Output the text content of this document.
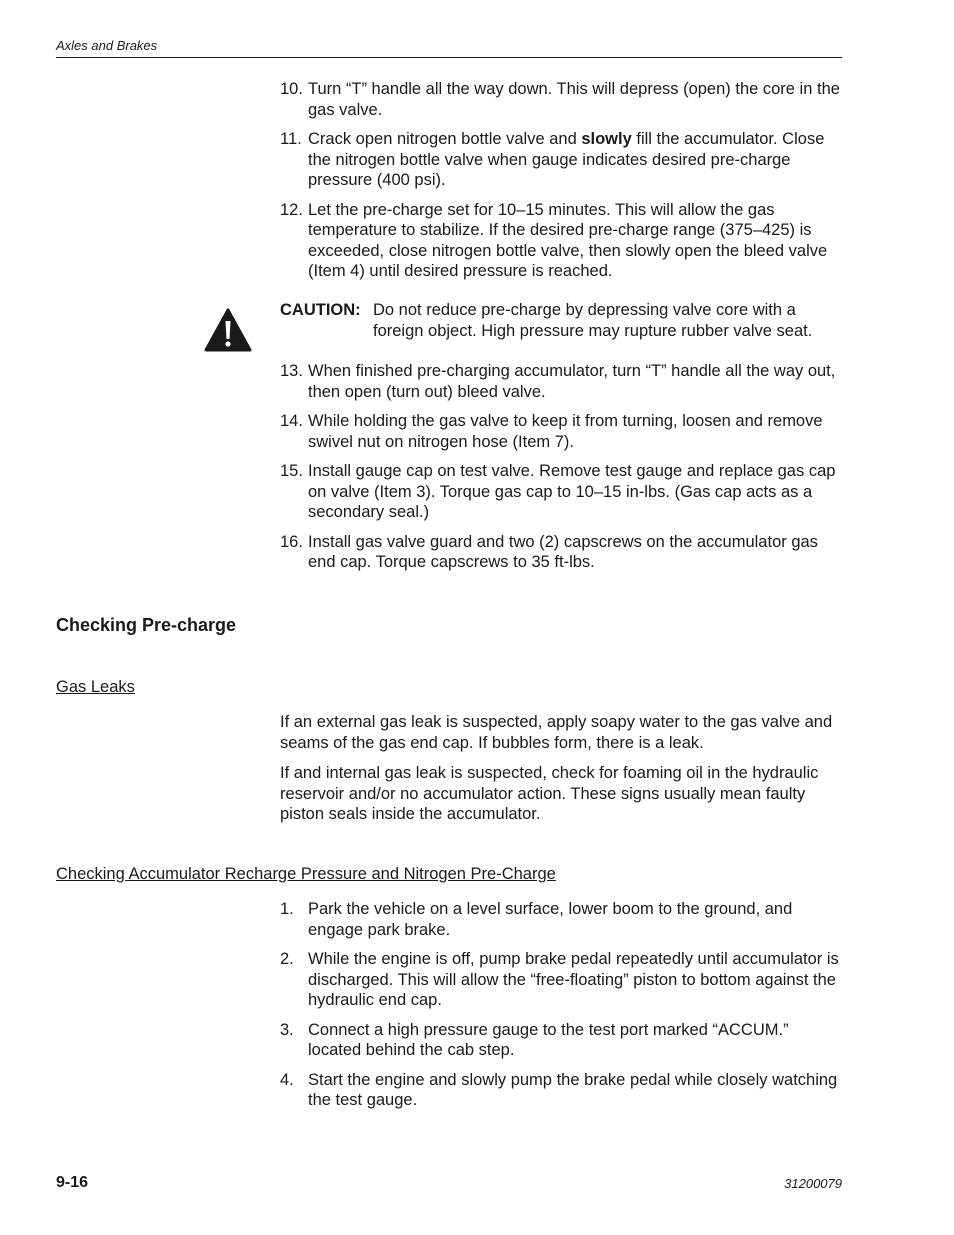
Axles and Brakes
10. Turn “T” handle all the way down. This will depress (open) the core in the gas valve.
11. Crack open nitrogen bottle valve and slowly fill the accumulator. Close the nitrogen bottle valve when gauge indicates desired pre-charge pressure (400 psi).
12. Let the pre-charge set for 10–15 minutes. This will allow the gas temperature to stabilize. If the desired pre-charge range (375–425) is exceeded, close nitrogen bottle valve, then slowly open the bleed valve (Item 4) until desired pressure is reached.
CAUTION: Do not reduce pre-charge by depressing valve core with a foreign object. High pressure may rupture rubber valve seat.
13. When finished pre-charging accumulator, turn “T” handle all the way out, then open (turn out) bleed valve.
14. While holding the gas valve to keep it from turning, loosen and remove swivel nut on nitrogen hose (Item 7).
15. Install gauge cap on test valve. Remove test gauge and replace gas cap on valve (Item 3). Torque gas cap to 10–15 in-lbs. (Gas cap acts as a secondary seal.)
16. Install gas valve guard and two (2) capscrews on the accumulator gas end cap. Torque capscrews to 35 ft-lbs.
Checking Pre-charge
Gas Leaks

If an external gas leak is suspected, apply soapy water to the gas valve and seams of the gas end cap. If bubbles form, there is a leak.

If and internal gas leak is suspected, check for foaming oil in the hydraulic reservoir and/or no accumulator action. These signs usually mean faulty piston seals inside the accumulator.

Checking Accumulator Recharge Pressure and Nitrogen Pre-Charge
1. Park the vehicle on a level surface, lower boom to the ground, and engage park brake.
2. While the engine is off, pump brake pedal repeatedly until accumulator is discharged. This will allow the “free-floating” piston to bottom against the hydraulic end cap.
3. Connect a high pressure gauge to the test port marked “ACCUM.” located behind the cab step.
4. Start the engine and slowly pump the brake pedal while closely watching the test gauge.
9-16	31200079
